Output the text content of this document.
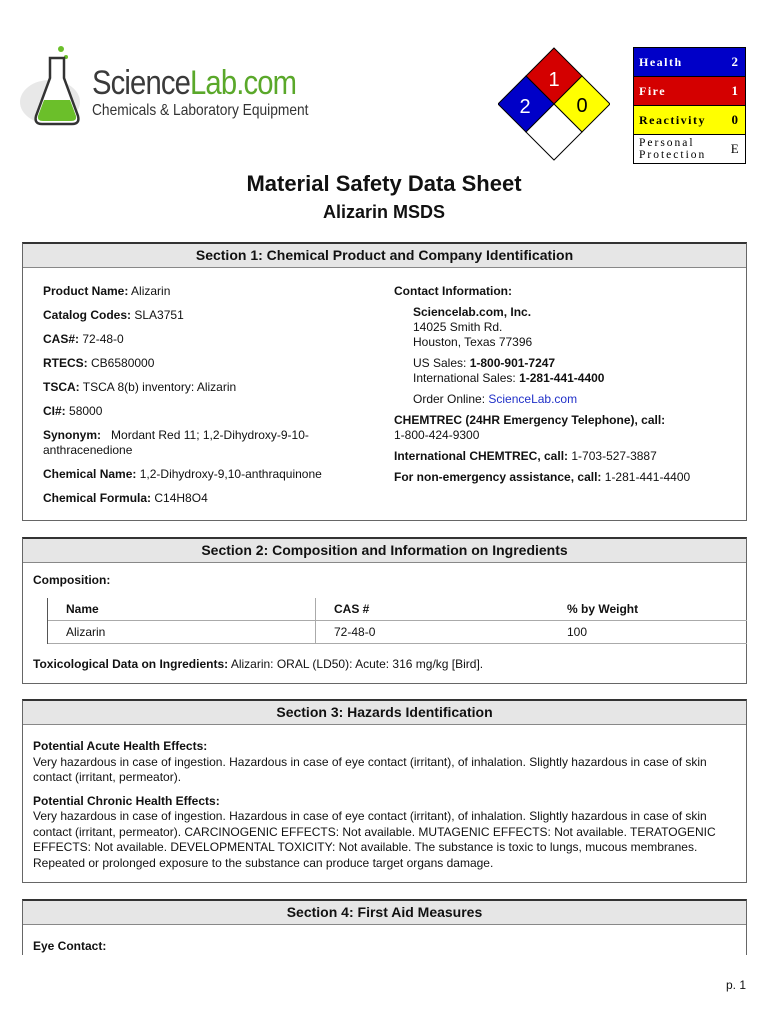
ScienceLab.com
Chemicals & Laboratory Equipment
1
2 0
Health	2
Fire	1
Reactivity	0
Personal
Protection	E
Material Safety Data Sheet
Alizarin MSDS
Section 1: Chemical Product and Company Identification
Product Name: Alizarin
Catalog Codes: SLA3751
CAS#: 72-48-0
RTECS: CB6580000
TSCA: TSCA 8(b) inventory: Alizarin
CI#: 58000
Synonym: Mordant Red 11; 1,2-Dihydroxy-9-10-anthracenedione
Chemical Name: 1,2-Dihydroxy-9,10-anthraquinone
Chemical Formula: C14H8O4
Contact Information:
Sciencelab.com, Inc.
14025 Smith Rd.
Houston, Texas 77396
US Sales: 1-800-901-7247
International Sales: 1-281-441-4400
Order Online: ScienceLab.com
CHEMTREC (24HR Emergency Telephone), call:
1-800-424-9300
International CHEMTREC, call: 1-703-527-3887
For non-emergency assistance, call: 1-281-441-4400
Section 2: Composition and Information on Ingredients
Composition:
Name	CAS #	% by Weight
Alizarin	72-48-0	100
Toxicological Data on Ingredients: Alizarin: ORAL (LD50): Acute: 316 mg/kg [Bird].
Section 3: Hazards Identification

Potential Acute Health Effects:
Very hazardous in case of ingestion. Hazardous in case of eye contact (irritant), of inhalation. Slightly hazardous in case of skin contact (irritant, permeator).

Potential Chronic Health Effects:
Very hazardous in case of ingestion. Hazardous in case of eye contact (irritant), of inhalation. Slightly hazardous in case of skin contact (irritant, permeator). CARCINOGENIC EFFECTS: Not available. MUTAGENIC EFFECTS: Not available. TERATOGENIC EFFECTS: Not available. DEVELOPMENTAL TOXICITY: Not available. The substance is toxic to lungs, mucous membranes. Repeated or prolonged exposure to the substance can produce target organs damage.

Section 4: First Aid Measures
Eye Contact:
p. 1
